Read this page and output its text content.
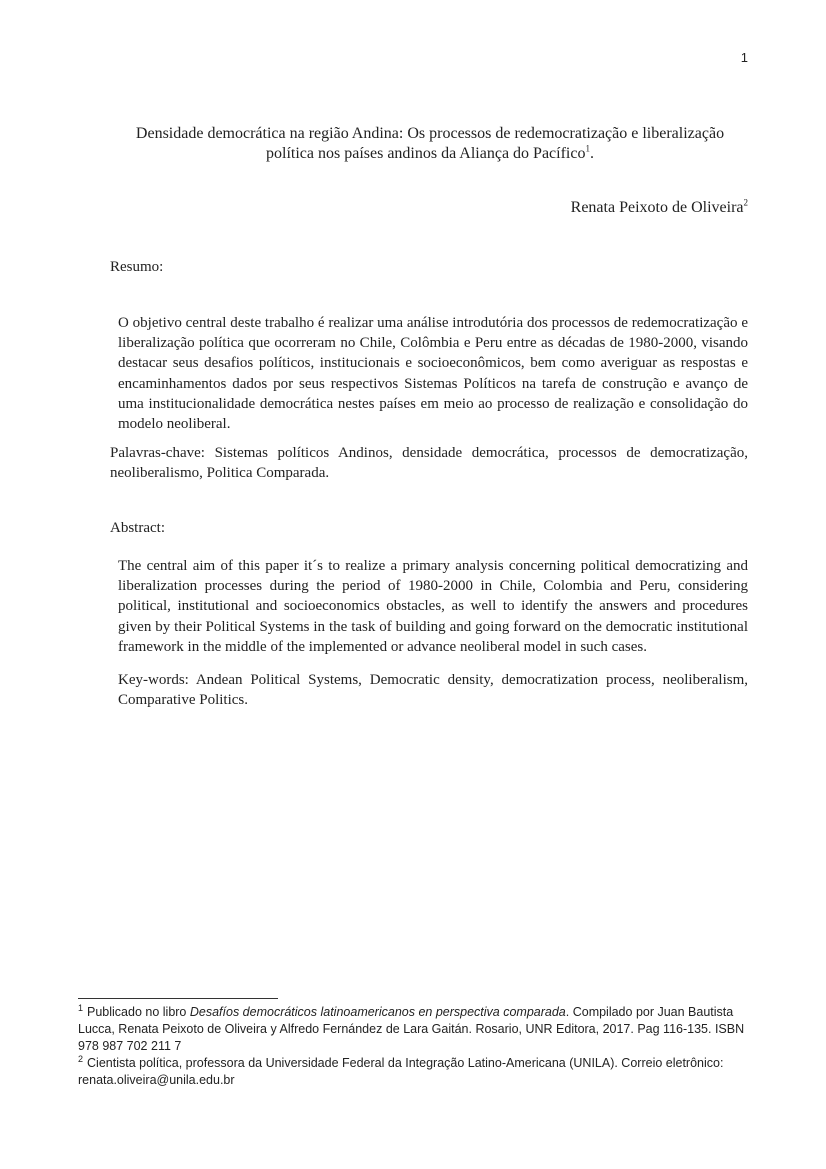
1
Densidade democrática na região Andina: Os processos de redemocratização e liberalização
política nos países andinos da Aliança do Pacífico$^1$.
Renata Peixoto de Oliveira$^2$
Resumo:
O objetivo central deste trabalho é realizar uma análise introdutória dos processos de redemocratização e liberalização política que ocorreram no Chile, Colômbia e Peru entre as décadas de 1980-2000, visando destacar seus desafios políticos, institucionais e socioeconômicos, bem como averiguar as respostas e encaminhamentos dados por seus respectivos Sistemas Políticos na tarefa de construção e avanço de uma institucionalidade democrática nestes países em meio ao processo de realização e consolidação do modelo neoliberal.
Palavras-chave: Sistemas políticos Andinos, densidade democrática, processos de democratização, neoliberalismo, Politica Comparada.
Abstract:
The central aim of this paper it´s to realize a primary analysis concerning political democratizing and liberalization processes during the period of 1980-2000 in Chile, Colombia and Peru, considering political, institutional and socioeconomics obstacles, as well to identify the answers and procedures given by their Political Systems in the task of building and going forward on the democratic institutional framework in the middle of the implemented or advance neoliberal model in such cases.
Key-words: Andean Political Systems, Democratic density, democratization process, neoliberalism, Comparative Politics.

$^1$ Publicado no libro Desafíos democráticos latinoamericanos en perspectiva comparada. Compilado por Juan Bautista Lucca, Renata Peixoto de Oliveira y Alfredo Fernández de Lara Gaitán. Rosario, UNR Editora, 2017. Pag 116-135. ISBN 978 987 702 211 7

$^2$ Cientista política, professora da Universidade Federal da Integração Latino-Americana (UNILA). Correio eletrônico: renata.oliveira@unila.edu.br
